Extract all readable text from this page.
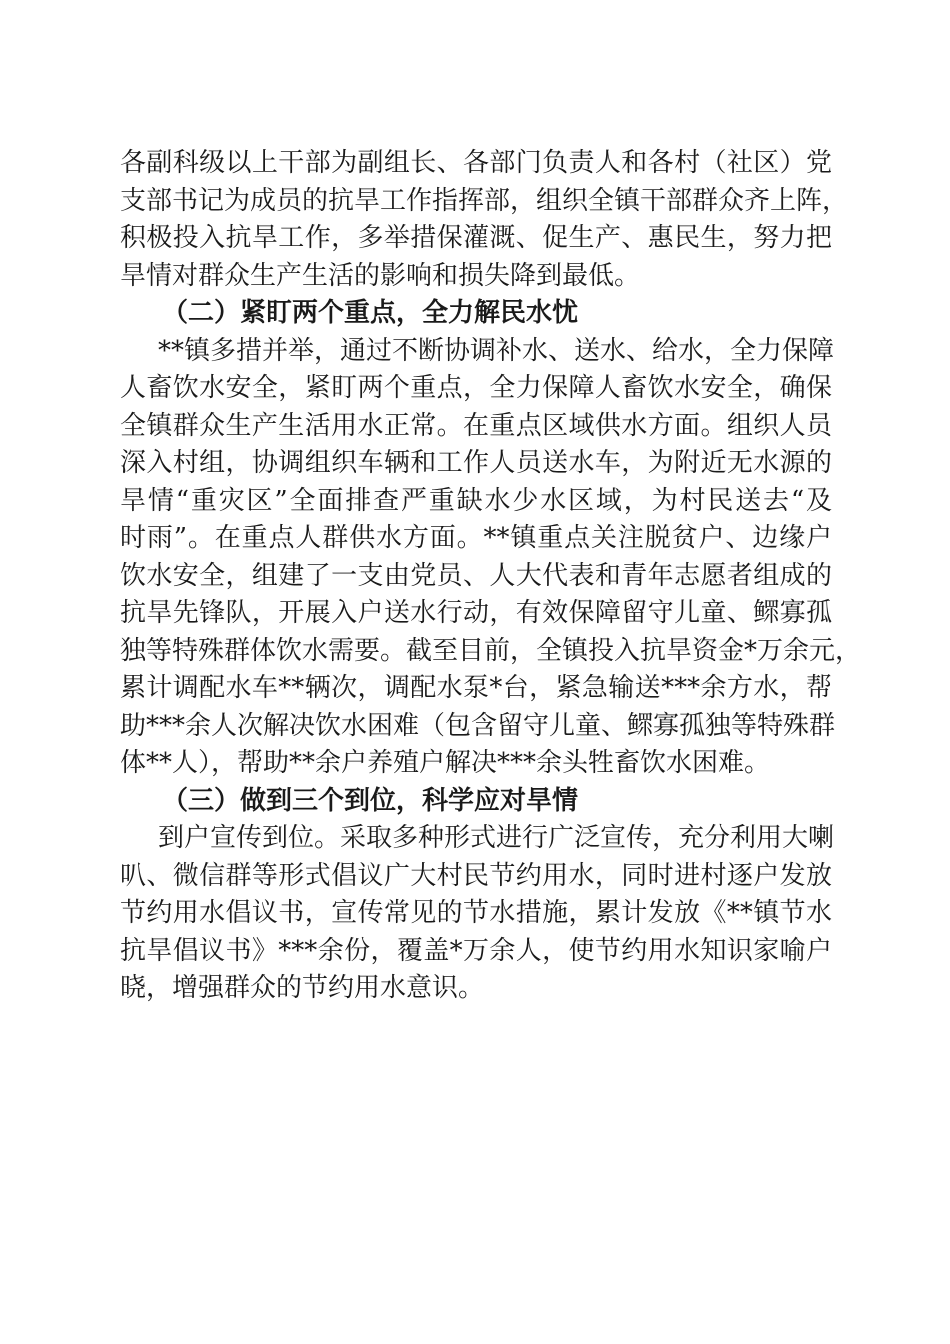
各副科级以上干部为副组长、各部门负责人和各村（社区）党
支部书记为成员的抗旱工作指挥部，组织全镇干部群众齐上阵，
积极投入抗旱工作，多举措保灌溉、促生产、惠民生，努力把
旱情对群众生产生活的影响和损失降到最低。
（二）紧盯两个重点，全力解民水忧
**镇多措并举，通过不断协调补水、送水、给水，全力保障
人畜饮水安全，紧盯两个重点，全力保障人畜饮水安全，确保
全镇群众生产生活用水正常。在重点区域供水方面。组织人员
深入村组，协调组织车辆和工作人员送水车，为附近无水源的
旱情“重灾区”全面排查严重缺水少水区域，为村民送去“及
时雨”。在重点人群供水方面。**镇重点关注脱贫户、边缘户
饮水安全，组建了一支由党员、人大代表和青年志愿者组成的
抗旱先锋队，开展入户送水行动，有效保障留守儿童、鳏寡孤
独等特殊群体饮水需要。截至目前，全镇投入抗旱资金*万余元，
累计调配水车**辆次，调配水泵*台，紧急输送***余方水，帮
助***余人次解决饮水困难（包含留守儿童、鳏寡孤独等特殊群
体**人），帮助**余户养殖户解决***余头牲畜饮水困难。
（三）做到三个到位，科学应对旱情
到户宣传到位。采取多种形式进行广泛宣传，充分利用大喇
叭、微信群等形式倡议广大村民节约用水，同时进村逐户发放
节约用水倡议书，宣传常见的节水措施，累计发放《**镇节水
抗旱倡议书》***余份，覆盖*万余人，使节约用水知识家喻户
晓，增强群众的节约用水意识。
